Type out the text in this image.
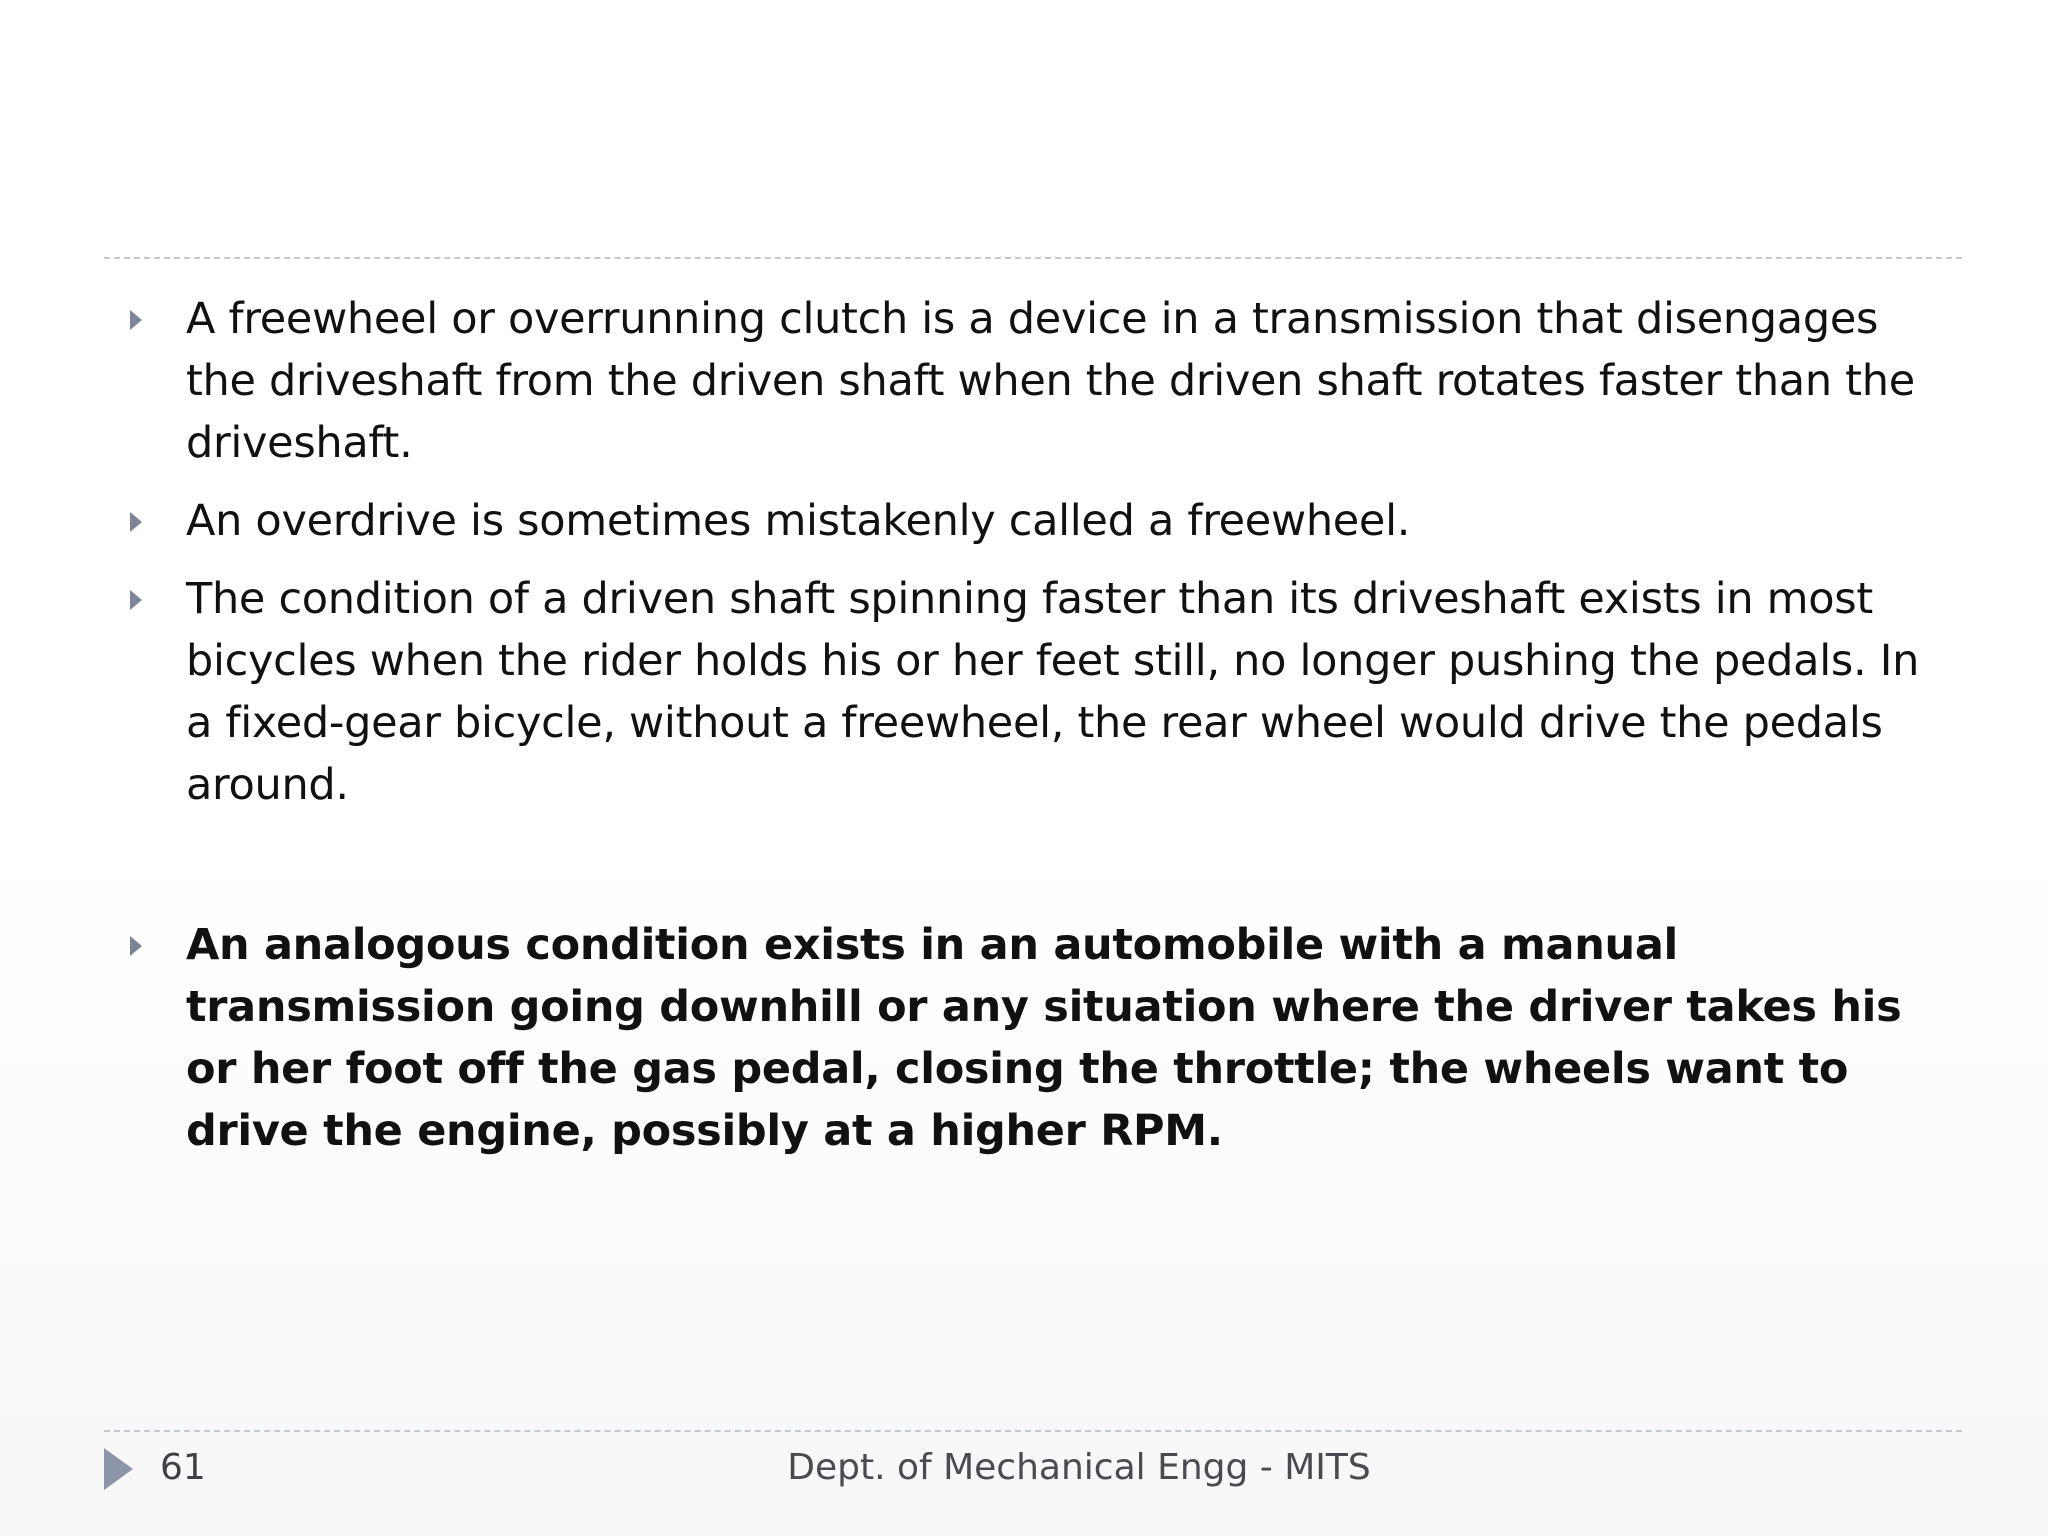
A freewheel or overrunning clutch is a device in a transmission that disengages the driveshaft from the driven shaft when the driven shaft rotates faster than the driveshaft.
An overdrive is sometimes mistakenly called a freewheel.
The condition of a driven shaft spinning faster than its driveshaft exists in most bicycles when the rider holds his or her feet still, no longer pushing the pedals. In a fixed-gear bicycle, without a freewheel, the rear wheel would drive the pedals around.
An analogous condition exists in an automobile with a manual transmission going downhill or any situation where the driver takes his or her foot off the gas pedal, closing the throttle; the wheels want to drive the engine, possibly at a higher RPM.
61	Dept. of Mechanical Engg - MITS
